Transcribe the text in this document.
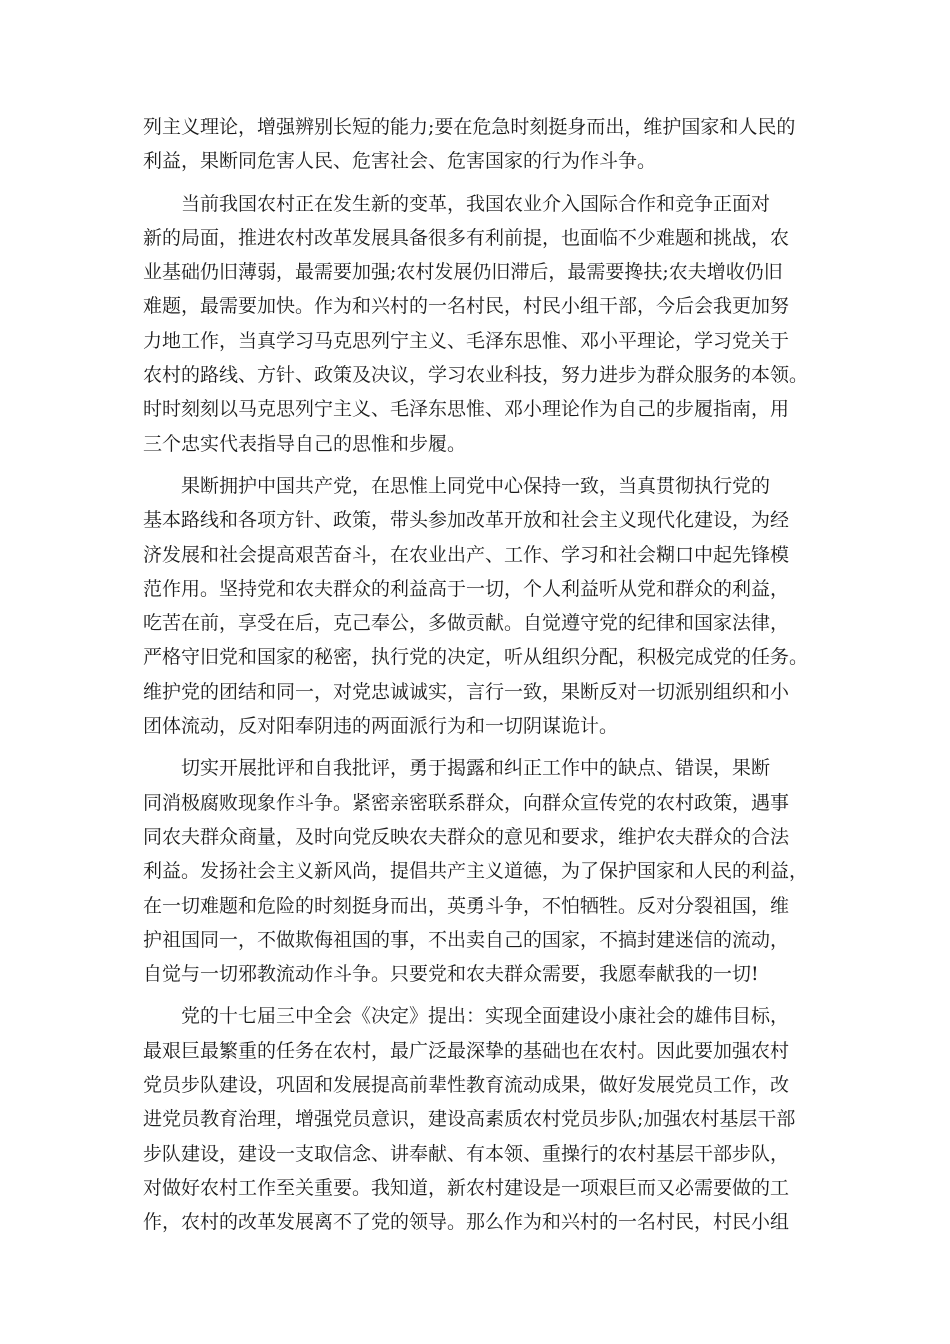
列主义理论，增强辨别长短的能力;要在危急时刻挺身而出，维护国家和人民的
利益，果断同危害人民、危害社会、危害国家的行为作斗争。
当前我国农村正在发生新的变革，我国农业介入国际合作和竞争正面对
新的局面，推进农村改革发展具备很多有利前提，也面临不少难题和挑战，农
业基础仍旧薄弱，最需要加强;农村发展仍旧滞后，最需要搀扶;农夫增收仍旧
难题，最需要加快。作为和兴村的一名村民，村民小组干部，今后会我更加努
力地工作，当真学习马克思列宁主义、毛泽东思惟、邓小平理论，学习党关于
农村的路线、方针、政策及决议，学习农业科技，努力进步为群众服务的本领。
时时刻刻以马克思列宁主义、毛泽东思惟、邓小理论作为自己的步履指南，用
三个忠实代表指导自己的思惟和步履。
果断拥护中国共产党，在思惟上同党中心保持一致，当真贯彻执行党的
基本路线和各项方针、政策，带头参加改革开放和社会主义现代化建设，为经
济发展和社会提高艰苦奋斗，在农业出产、工作、学习和社会糊口中起先锋模
范作用。坚持党和农夫群众的利益高于一切，个人利益听从党和群众的利益，
吃苦在前，享受在后，克己奉公，多做贡献。自觉遵守党的纪律和国家法律，
严格守旧党和国家的秘密，执行党的决定，听从组织分配，积极完成党的任务。
维护党的团结和同一，对党忠诚诚实，言行一致，果断反对一切派别组织和小
团体流动，反对阳奉阴违的两面派行为和一切阴谋诡计。
切实开展批评和自我批评，勇于揭露和纠正工作中的缺点、错误，果断
同消极腐败现象作斗争。紧密亲密联系群众，向群众宣传党的农村政策，遇事
同农夫群众商量，及时向党反映农夫群众的意见和要求，维护农夫群众的合法
利益。发扬社会主义新风尚，提倡共产主义道德，为了保护国家和人民的利益，
在一切难题和危险的时刻挺身而出，英勇斗争，不怕牺牲。反对分裂祖国，维
护祖国同一，不做欺侮祖国的事，不出卖自己的国家，不搞封建迷信的流动，
自觉与一切邪教流动作斗争。只要党和农夫群众需要，我愿奉献我的一切!
党的十七届三中全会《决定》提出：实现全面建设小康社会的雄伟目标，
最艰巨最繁重的任务在农村，最广泛最深挚的基础也在农村。因此要加强农村
党员步队建设，巩固和发展提高前辈性教育流动成果，做好发展党员工作，改
进党员教育治理，增强党员意识，建设高素质农村党员步队;加强农村基层干部
步队建设，建设一支取信念、讲奉献、有本领、重操行的农村基层干部步队，
对做好农村工作至关重要。我知道，新农村建设是一项艰巨而又必需要做的工
作，农村的改革发展离不了党的领导。那么作为和兴村的一名村民，村民小组
